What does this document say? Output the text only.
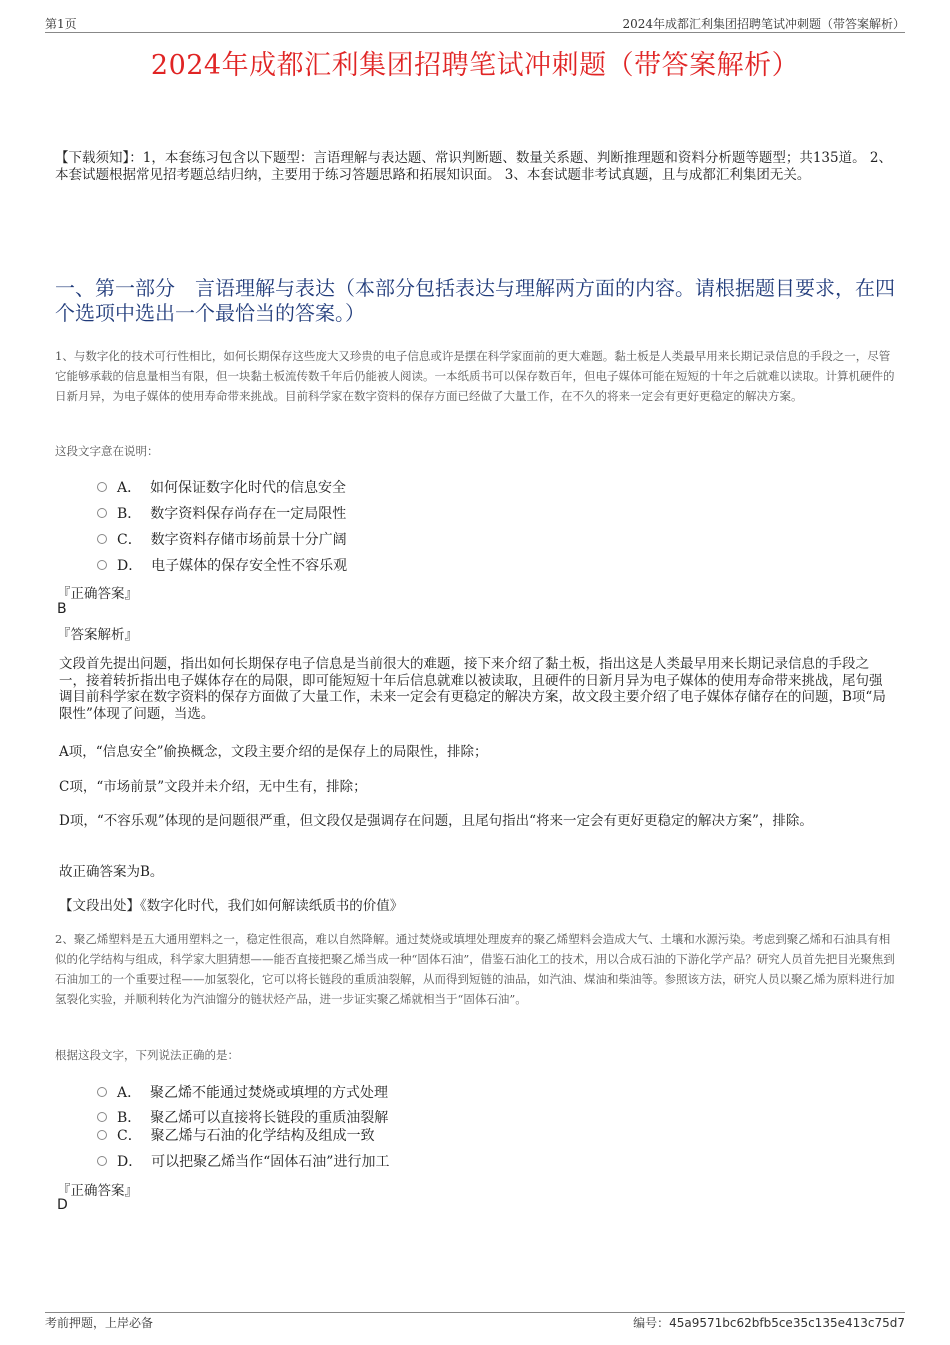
第1页	2024年成都汇利集团招聘笔试冲刺题（带答案解析）
2024年成都汇利集团招聘笔试冲刺题（带答案解析）
【下载须知】：1，本套练习包含以下题型：言语理解与表达题、常识判断题、数量关系题、判断推理题和资料分析题等题型；共135道。 2、本套试题根据常见招考题总结归纳，主要用于练习答题思路和拓展知识面。 3、本套试题非考试真题，且与成都汇利集团无关。
一、第一部分　言语理解与表达（本部分包括表达与理解两方面的内容。请根据题目要求，在四个选项中选出一个最恰当的答案。）
1、与数字化的技术可行性相比，如何长期保存这些庞大又珍贵的电子信息或许是摆在科学家面前的更大难题。黏土板是人类最早用来长期记录信息的手段之一，尽管它能够承载的信息量相当有限，但一块黏土板流传数千年后仍能被人阅读。一本纸质书可以保存数百年，但电子媒体可能在短短的十年之后就难以读取。计算机硬件的日新月异，为电子媒体的使用寿命带来挑战。目前科学家在数字资料的保存方面已经做了大量工作，在不久的将来一定会有更好更稳定的解决方案。
这段文字意在说明：
A． 如何保证数字化时代的信息安全
B． 数字资料保存尚存在一定局限性
C． 数字资料存储市场前景十分广阔
D． 电子媒体的保存安全性不容乐观
『正确答案』
B
『答案解析』
文段首先提出问题，指出如何长期保存电子信息是当前很大的难题，接下来介绍了黏土板，指出这是人类最早用来长期记录信息的手段之一，接着转折指出电子媒体存在的局限，即可能短短十年后信息就难以被读取，且硬件的日新月异为电子媒体的使用寿命带来挑战，尾句强调目前科学家在数字资料的保存方面做了大量工作，未来一定会有更稳定的解决方案，故文段主要介绍了电子媒体存储存在的问题，B项“局限性”体现了问题，当选。
A项，“信息安全”偷换概念，文段主要介绍的是保存上的局限性，排除；
C项，“市场前景”文段并未介绍，无中生有，排除；
D项，“不容乐观”体现的是问题很严重，但文段仅是强调存在问题，且尾句指出“将来一定会有更好更稳定的解决方案”，排除。
故正确答案为B。
【文段出处】《数字化时代，我们如何解读纸质书的价值》
2、聚乙烯塑料是五大通用塑料之一，稳定性很高，难以自然降解。通过焚烧或填埋处理废弃的聚乙烯塑料会造成大气、土壤和水源污染。考虑到聚乙烯和石油具有相似的化学结构与组成，科学家大胆猜想——能否直接把聚乙烯当成一种“固体石油”，借鉴石油化工的技术，用以合成石油的下游化学产品？研究人员首先把目光聚焦到石油加工的一个重要过程——加氢裂化，它可以将长链段的重质油裂解，从而得到短链的油品，如汽油、煤油和柴油等。参照该方法，研究人员以聚乙烯为原料进行加氢裂化实验，并顺利转化为汽油馏分的链状烃产品，进一步证实聚乙烯就相当于“固体石油”。
根据这段文字，下列说法正确的是：
A． 聚乙烯不能通过焚烧或填埋的方式处理
B． 聚乙烯可以直接将长链段的重质油裂解
C． 聚乙烯与石油的化学结构及组成一致
D． 可以把聚乙烯当作“固体石油”进行加工
『正确答案』
D
考前押题，上岸必备	编号：45a9571bc62bfb5ce35c135e413c75d7
